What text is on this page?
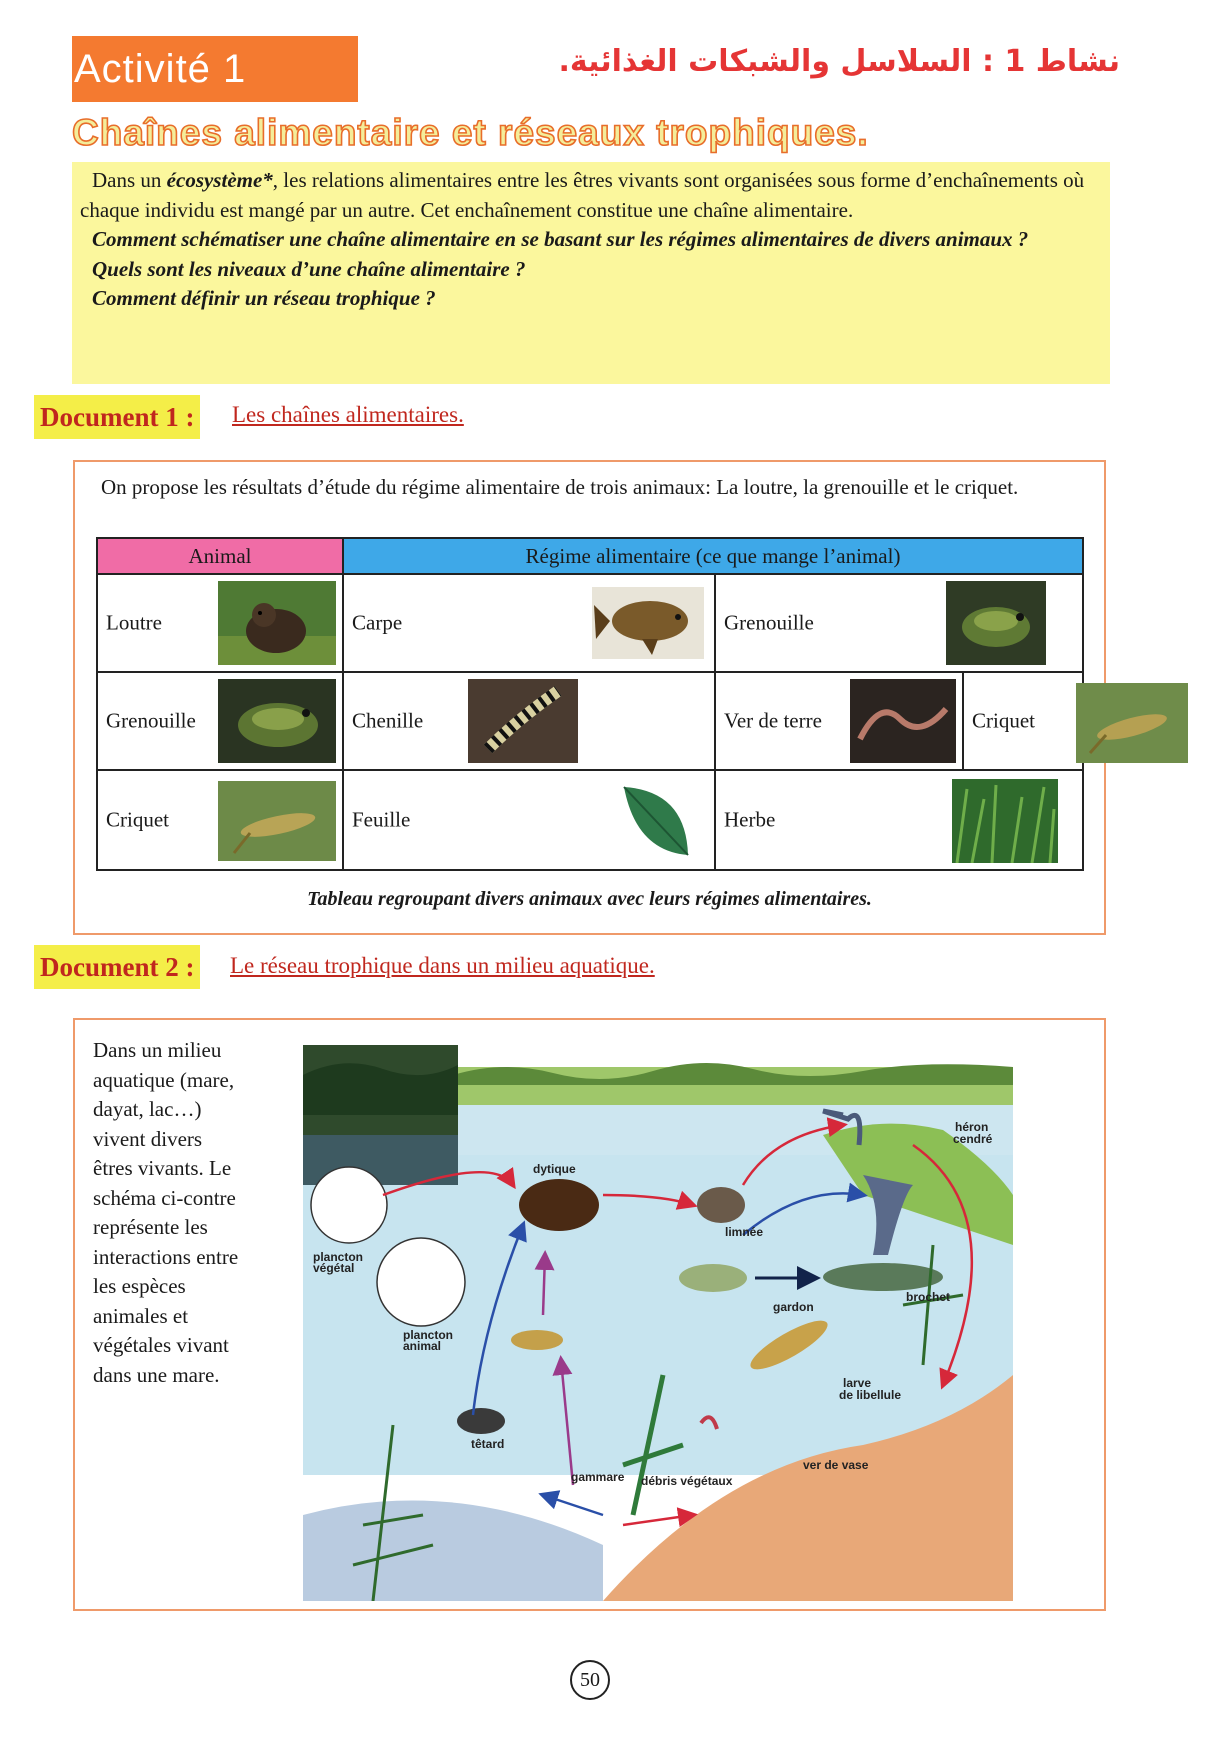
Activité 1	نشاط 1 : السلاسل والشبكات الغذائية.
Chaînes alimentaire et réseaux trophiques.

Dans un écosystème*, les relations alimentaires entre les êtres vivants sont organisées sous forme d’enchaînements où chaque individu est mangé par un autre. Cet enchaînement constitue une chaîne alimentaire.

Comment schématiser une chaîne alimentaire en se basant sur les régimes alimentaires de divers animaux ?

Quels sont les niveaux d’une chaîne alimentaire ?

Comment définir un réseau trophique ?

Document 1 : Les chaînes alimentaires.
On propose les résultats d’étude du régime alimentaire de trois animaux: La loutre, la grenouille et le criquet.
Animal	Régime alimentaire (ce que mange l’animal)		

Loutre	Carpe	Grenouille	

Grenouille	Chenille	Ver de terre	Criquet

Criquet	Feuille	Herbe	
Tableau regroupant divers animaux avec leurs régimes alimentaires.
Document 2 : Le réseau trophique dans un milieu aquatique.
Dans un milieu aquatique (mare, dayat, lac…) vivent divers êtres vivants. Le schéma ci-contre représente les interactions entre les espèces animales et végétales vivant dans une mare.
héron cendré
dytique
limnée
plancton végétal
plancton animal
brochet
gardon
gammare
larve de libellule
têtard
ver de vase
débris végétaux
50
